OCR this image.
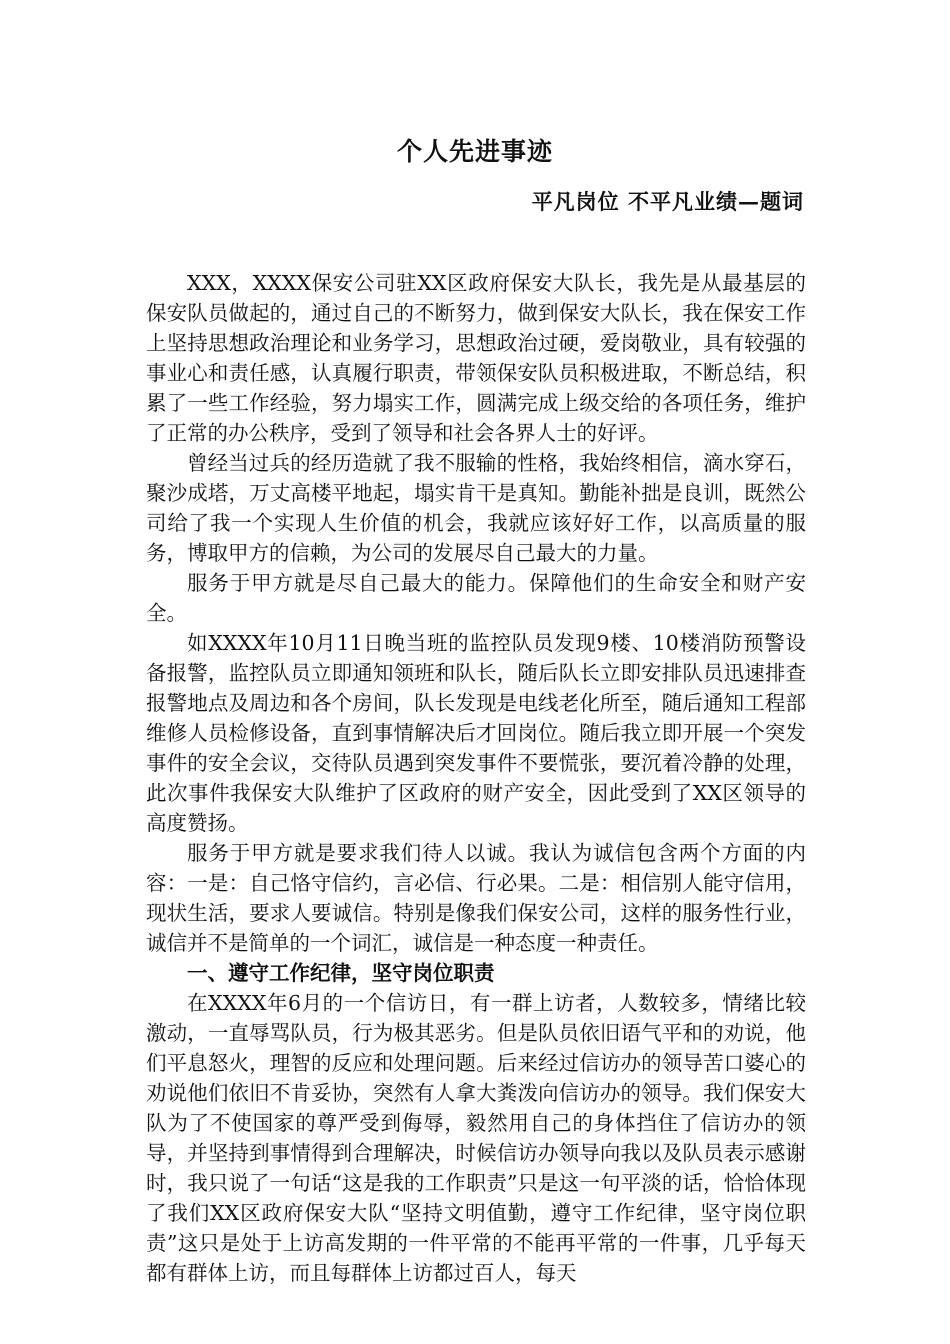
个人先进事迹
平凡岗位 不平凡业绩—题词

XXX，XXXX保安公司驻XX区政府保安大队长，我先是从最基层的保安队员做起的，通过自己的不断努力，做到保安大队长，我在保安工作上坚持思想政治理论和业务学习，思想政治过硬，爱岗敬业，具有较强的事业心和责任感，认真履行职责，带领保安队员积极进取，不断总结，积累了一些工作经验，努力塌实工作，圆满完成上级交给的各项任务，维护了正常的办公秩序，受到了领导和社会各界人士的好评。

曾经当过兵的经历造就了我不服输的性格，我始终相信，滴水穿石，聚沙成塔，万丈高楼平地起，塌实肯干是真知。勤能补拙是良训，既然公司给了我一个实现人生价值的机会，我就应该好好工作，以高质量的服务，博取甲方的信赖，为公司的发展尽自己最大的力量。

服务于甲方就是尽自己最大的能力。保障他们的生命安全和财产安全。

如XXXX年10月11日晚当班的监控队员发现9楼、10楼消防预警设备报警，监控队员立即通知领班和队长，随后队长立即安排队员迅速排查报警地点及周边和各个房间，队长发现是电线老化所至，随后通知工程部维修人员检修设备，直到事情解决后才回岗位。随后我立即开展一个突发事件的安全会议，交待队员遇到突发事件不要慌张，要沉着冷静的处理，此次事件我保安大队维护了区政府的财产安全，因此受到了XX区领导的高度赞扬。

服务于甲方就是要求我们待人以诚。我认为诚信包含两个方面的内容：一是：自己恪守信约，言必信、行必果。二是：相信别人能守信用，现状生活，要求人要诚信。特别是像我们保安公司，这样的服务性行业，诚信并不是简单的一个词汇，诚信是一种态度一种责任。

一、遵守工作纪律，坚守岗位职责

在XXXX年6月的一个信访日，有一群上访者，人数较多，情绪比较激动，一直辱骂队员，行为极其恶劣。但是队员依旧语气平和的劝说，他们平息怒火，理智的反应和处理问题。后来经过信访办的领导苦口婆心的劝说他们依旧不肯妥协，突然有人拿大粪泼向信访办的领导。我们保安大队为了不使国家的尊严受到侮辱，毅然用自己的身体挡住了信访办的领导，并坚持到事情得到合理解决，时候信访办领导向我以及队员表示感谢时，我只说了一句话“这是我的工作职责”只是这一句平淡的话，恰恰体现了我们XX区政府保安大队“坚持文明值勤，遵守工作纪律，坚守岗位职责”这只是处于上访高发期的一件平常的不能再平常的一件事，几乎每天都有群体上访，而且每群体上访都过百人，每天
